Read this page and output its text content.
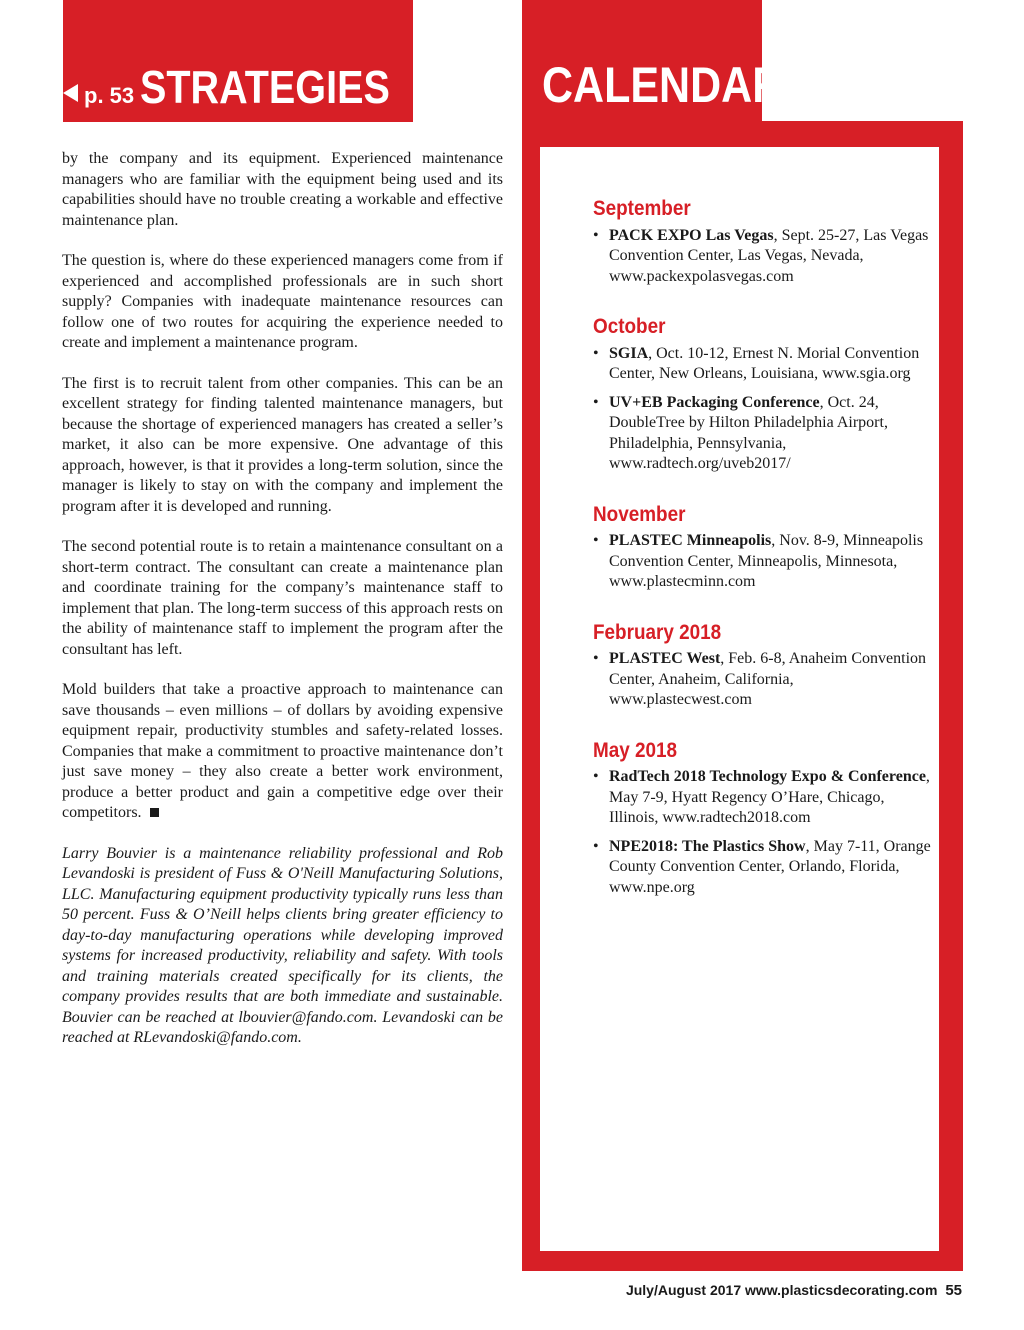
p. 53 STRATEGIES	CALENDAR
September
• PACK EXPO Las Vegas, Sept. 25-27, Las Vegas Convention Center, Las Vegas, Nevada, www.packexpolasvegas.com
October
• SGIA, Oct. 10-12, Ernest N. Morial Convention Center, New Orleans, Louisiana, www.sgia.org
• UV+EB Packaging Conference, Oct. 24, DoubleTree by Hilton Philadelphia Airport, Philadelphia, Pennsylvania, www.radtech.org/uveb2017/
November
• PLASTEC Minneapolis, Nov. 8-9, Minneapolis Convention Center, Minneapolis, Minnesota, www.plastecminn.com
February 2018
• PLASTEC West, Feb. 6-8, Anaheim Convention Center, Anaheim, California, www.plastecwest.com
May 2018
• RadTech 2018 Technology Expo & Conference, May 7-9, Hyatt Regency O’Hare, Chicago, Illinois, www.radtech2018.com
• NPE2018: The Plastics Show, May 7-11, Orange County Convention Center, Orlando, Florida, www.npe.org

by the company and its equipment. Experienced maintenance managers who are familiar with the equipment being used and its capabilities should have no trouble creating a workable and effective maintenance plan.

The question is, where do these experienced managers come from if experienced and accomplished professionals are in such short supply? Companies with inadequate maintenance resources can follow one of two routes for acquiring the experience needed to create and implement a maintenance program.

The first is to recruit talent from other companies. This can be an excellent strategy for finding talented maintenance managers, but because the shortage of experienced managers has created a seller’s market, it also can be more expensive. One advantage of this approach, however, is that it provides a long-term solution, since the manager is likely to stay on with the company and implement the program after it is developed and running.

The second potential route is to retain a maintenance consultant on a short-term contract. The consultant can create a maintenance plan and coordinate training for the company’s maintenance staff to implement that plan. The long-term success of this approach rests on the ability of maintenance staff to implement the program after the consultant has left.

Mold builders that take a proactive approach to maintenance can save thousands – even millions – of dollars by avoiding expensive equipment repair, productivity stumbles and safety-related losses. Companies that make a commitment to proactive maintenance don’t just save money – they also create a better work environment, produce a better product and gain a competitive edge over their competitors.

Larry Bouvier is a maintenance reliability professional and Rob Levandoski is president of Fuss & O'Neill Manufacturing Solutions, LLC. Manufacturing equipment productivity typically runs less than 50 percent. Fuss & O’Neill helps clients bring greater efficiency to day-to-day manufacturing operations while developing improved systems for increased productivity, reliability and safety. With tools and training materials created specifically for its clients, the company provides results that are both immediate and sustainable. Bouvier can be reached at lbouvier@fando.com. Levandoski can be reached at RLevandoski@fando.com.

July/August 2017 www.plasticsdecorating.com 55
